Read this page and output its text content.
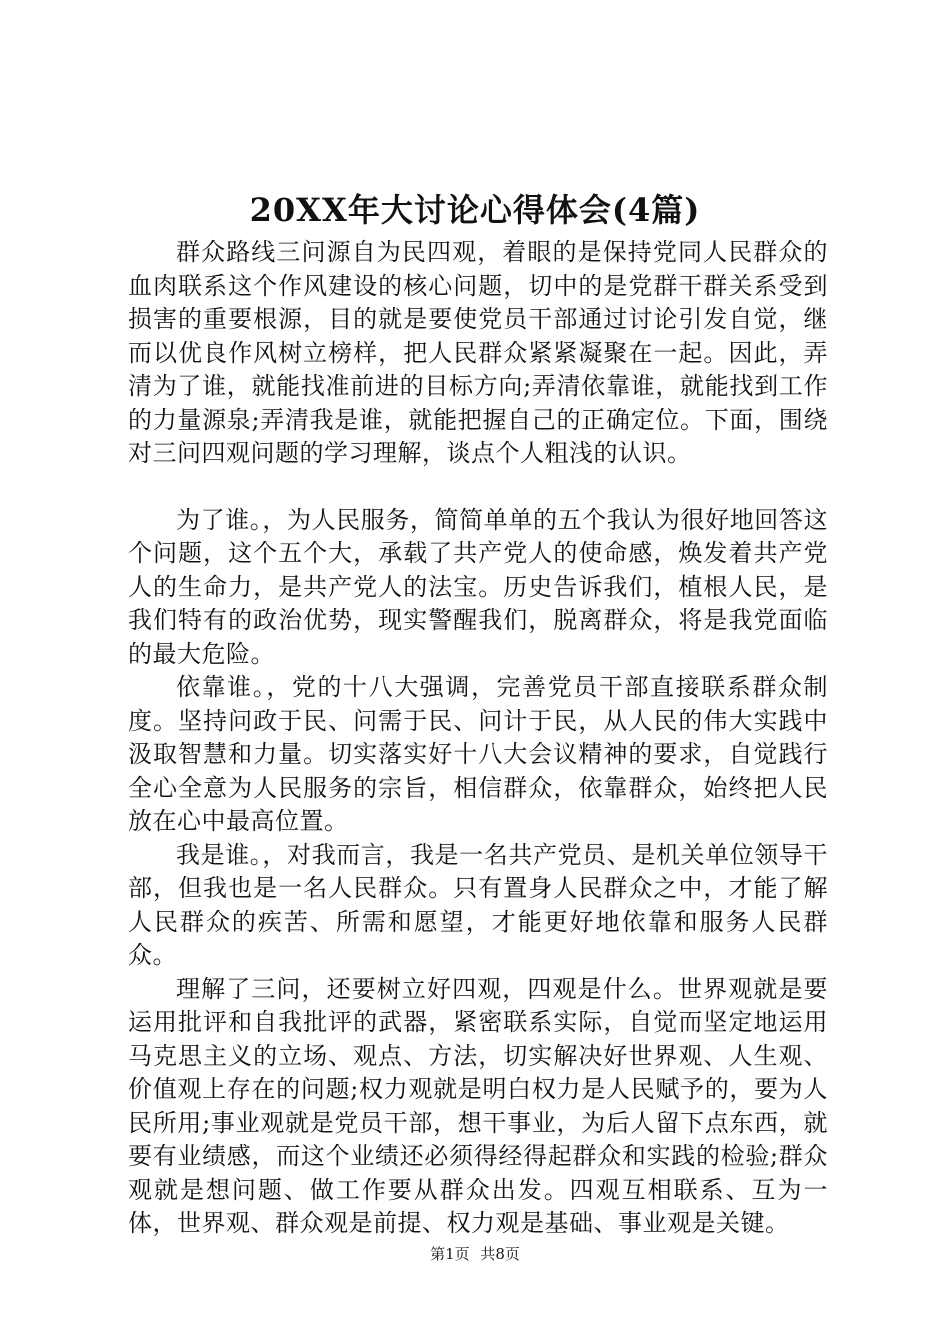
20XX年大讨论心得体会(4篇)

群众路线三问源自为民四观，着眼的是保持党同人民群众的血肉联系这个作风建设的核心问题，切中的是党群干群关系受到损害的重要根源，目的就是要使党员干部通过讨论引发自觉，继而以优良作风树立榜样，把人民群众紧紧凝聚在一起。因此，弄清为了谁，就能找准前进的目标方向;弄清依靠谁，就能找到工作的力量源泉;弄清我是谁，就能把握自己的正确定位。下面，围绕对三问四观问题的学习理解，谈点个人粗浅的认识。

为了谁。，为人民服务，简简单单的五个我认为很好地回答这个问题，这个五个大，承载了共产党人的使命感，焕发着共产党人的生命力，是共产党人的法宝。历史告诉我们，植根人民，是我们特有的政治优势，现实警醒我们，脱离群众，将是我党面临的最大危险。

依靠谁。，党的十八大强调，完善党员干部直接联系群众制度。坚持问政于民、问需于民、问计于民，从人民的伟大实践中汲取智慧和力量。切实落实好十八大会议精神的要求，自觉践行全心全意为人民服务的宗旨，相信群众，依靠群众，始终把人民放在心中最高位置。

我是谁。，对我而言，我是一名共产党员、是机关单位领导干部，但我也是一名人民群众。只有置身人民群众之中，才能了解人民群众的疾苦、所需和愿望，才能更好地依靠和服务人民群众。

理解了三问，还要树立好四观，四观是什么。世界观就是要运用批评和自我批评的武器，紧密联系实际，自觉而坚定地运用马克思主义的立场、观点、方法，切实解决好世界观、人生观、价值观上存在的问题;权力观就是明白权力是人民赋予的，要为人民所用;事业观就是党员干部，想干事业，为后人留下点东西，就要有业绩感，而这个业绩还必须得经得起群众和实践的检验;群众观就是想问题、做工作要从群众出发。四观互相联系、互为一体，世界观、群众观是前提、权力观是基础、事业观是关键。

第1页 共8页
